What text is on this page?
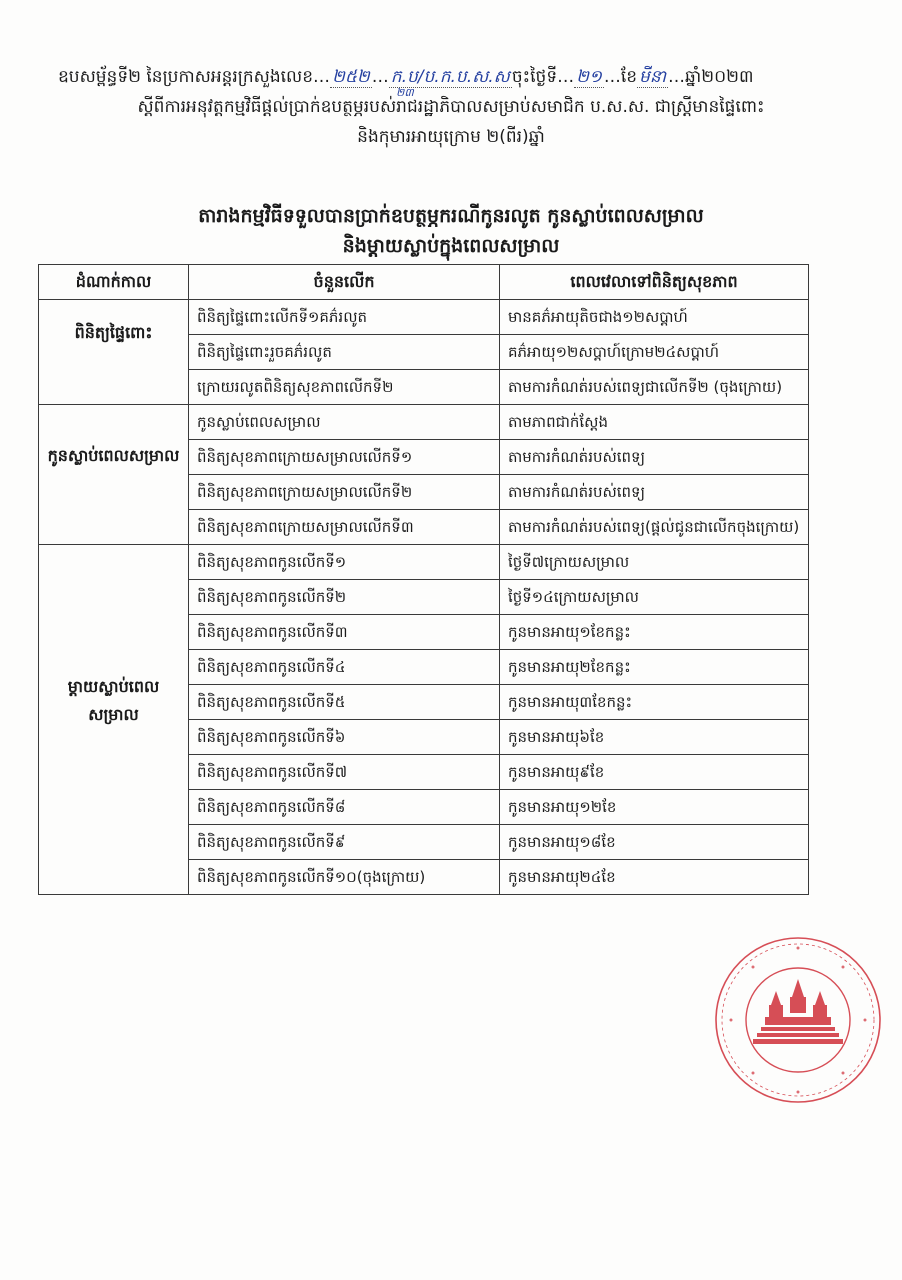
ឧបសម្ព័ន្ធទី២ នៃប្រកាសអន្តរក្រសួងលេខ… ២៥២ … ក.ប/ប.ក.ប.ស.ស ចុះថ្ងៃទី… ២១ …ខែ មីនា …ឆ្នាំ២០២៣
២៣
ស្តីពីការអនុវត្តកម្មវិធីផ្តល់ប្រាក់ឧបត្ថម្ភរបស់រាជរដ្ឋាភិបាលសម្រាប់សមាជិក ប.ស.ស. ជាស្ត្រីមានផ្ទៃពោះ
និងកុមារអាយុក្រោម ២(ពីរ)ឆ្នាំ
តារាងកម្មវិធីទទួលបានប្រាក់ឧបត្ថម្ភករណីកូនរលូត កូនស្លាប់ពេលសម្រាល
និងម្តាយស្លាប់ក្នុងពេលសម្រាល
ដំណាក់កាល	ចំនួនលើក	ពេលវេលាទៅពិនិត្យសុខភាព
ពិនិត្យផ្ទៃពោះ	ពិនិត្យផ្ទៃពោះលើកទី១គភ៌រលូត	មានគភ៌អាយុតិចជាង១២សប្តាហ៍
	ពិនិត្យផ្ទៃពោះរួចគភ៌រលូត	គភ៌អាយុ១២សប្តាហ៍ក្រោម២៤សប្តាហ៍
	ក្រោយរលូតពិនិត្យសុខភាពលើកទី២	តាមការកំណត់របស់ពេទ្យជាលើកទី២ (ចុងក្រោយ)
កូនស្លាប់ពេលសម្រាល	កូនស្លាប់ពេលសម្រាល	តាមភាពជាក់ស្តែង
	ពិនិត្យសុខភាពក្រោយសម្រាលលើកទី១	តាមការកំណត់របស់ពេទ្យ
	ពិនិត្យសុខភាពក្រោយសម្រាលលើកទី២	តាមការកំណត់របស់ពេទ្យ
	ពិនិត្យសុខភាពក្រោយសម្រាលលើកទី៣	តាមការកំណត់របស់ពេទ្យ(ផ្តល់ជូនជាលើកចុងក្រោយ)
ម្តាយស្លាប់ពេលសម្រាល	ពិនិត្យសុខភាពកូនលើកទី១	ថ្ងៃទី៧ក្រោយសម្រាល
	ពិនិត្យសុខភាពកូនលើកទី២	ថ្ងៃទី១៤ក្រោយសម្រាល
	ពិនិត្យសុខភាពកូនលើកទី៣	កូនមានអាយុ១ខែកន្លះ
	ពិនិត្យសុខភាពកូនលើកទី៤	កូនមានអាយុ២ខែកន្លះ
	ពិនិត្យសុខភាពកូនលើកទី៥	កូនមានអាយុ៣ខែកន្លះ
	ពិនិត្យសុខភាពកូនលើកទី៦	កូនមានអាយុ៦ខែ
	ពិនិត្យសុខភាពកូនលើកទី៧	កូនមានអាយុ៩ខែ
	ពិនិត្យសុខភាពកូនលើកទី៨	កូនមានអាយុ១២ខែ
	ពិនិត្យសុខភាពកូនលើកទី៩	កូនមានអាយុ១៨ខែ
	ពិនិត្យសុខភាពកូនលើកទី១០(ចុងក្រោយ)	កូនមានអាយុ២៤ខែ
